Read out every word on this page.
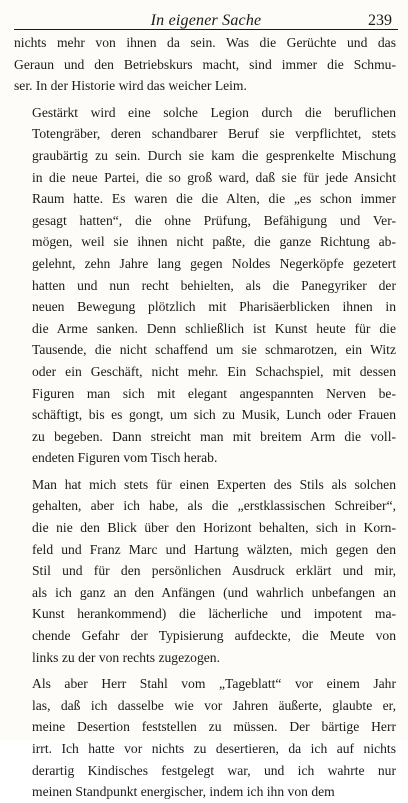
In eigener Sache	239

nichts mehr von ihnen da sein. Was die Gerüchte und das
Geraun und den Betriebskurs macht, sind immer die Schmu-
ser. In der Historie wird das weicher Leim.

Gestärkt wird eine solche Legion durch die beruflichen
Totengräber, deren schandbarer Beruf sie verpflichtet, stets
graubärtig zu sein. Durch sie kam die gesprenkelte Mischung
in die neue Partei, die so groß ward, daß sie für jede Ansicht
Raum hatte. Es waren die die Alten, die „es schon immer
gesagt hatten“, die ohne Prüfung, Befähigung und Ver-
mögen, weil sie ihnen nicht paßte, die ganze Richtung ab-
gelehnt, zehn Jahre lang gegen Noldes Negerköpfe gezetert
hatten und nun recht behielten, als die Panegyriker der
neuen Bewegung plötzlich mit Pharisäerblicken ihnen in
die Arme sanken. Denn schließlich ist Kunst heute für die
Tausende, die nicht schaffend um sie schmarotzen, ein Witz
oder ein Geschäft, nicht mehr. Ein Schachspiel, mit dessen
Figuren man sich mit elegant angespannten Nerven be-
schäftigt, bis es gongt, um sich zu Musik, Lunch oder Frauen
zu begeben. Dann streicht man mit breitem Arm die voll-
endeten Figuren vom Tisch herab.

Man hat mich stets für einen Experten des Stils als solchen
gehalten, aber ich habe, als die „erstklassischen Schreiber“,
die nie den Blick über den Horizont behalten, sich in Korn-
feld und Franz Marc und Hartung wälzten, mich gegen den
Stil und für den persönlichen Ausdruck erklärt und mir,
als ich ganz an den Anfängen (und wahrlich unbefangen an
Kunst herankommend) die lächerliche und impotent ma-
chende Gefahr der Typisierung aufdeckte, die Meute von
links zu der von rechts zugezogen.

Als aber Herr Stahl vom „Tageblatt“ vor einem Jahr
las, daß ich dasselbe wie vor Jahren äußerte, glaubte er,
meine Desertion feststellen zu müssen. Der bärtige Herr
irrt. Ich hatte vor nichts zu desertieren, da ich auf nichts
derartig Kindisches festgelegt war, und ich wahrte nur
meinen Standpunkt energischer, indem ich ihn von dem
